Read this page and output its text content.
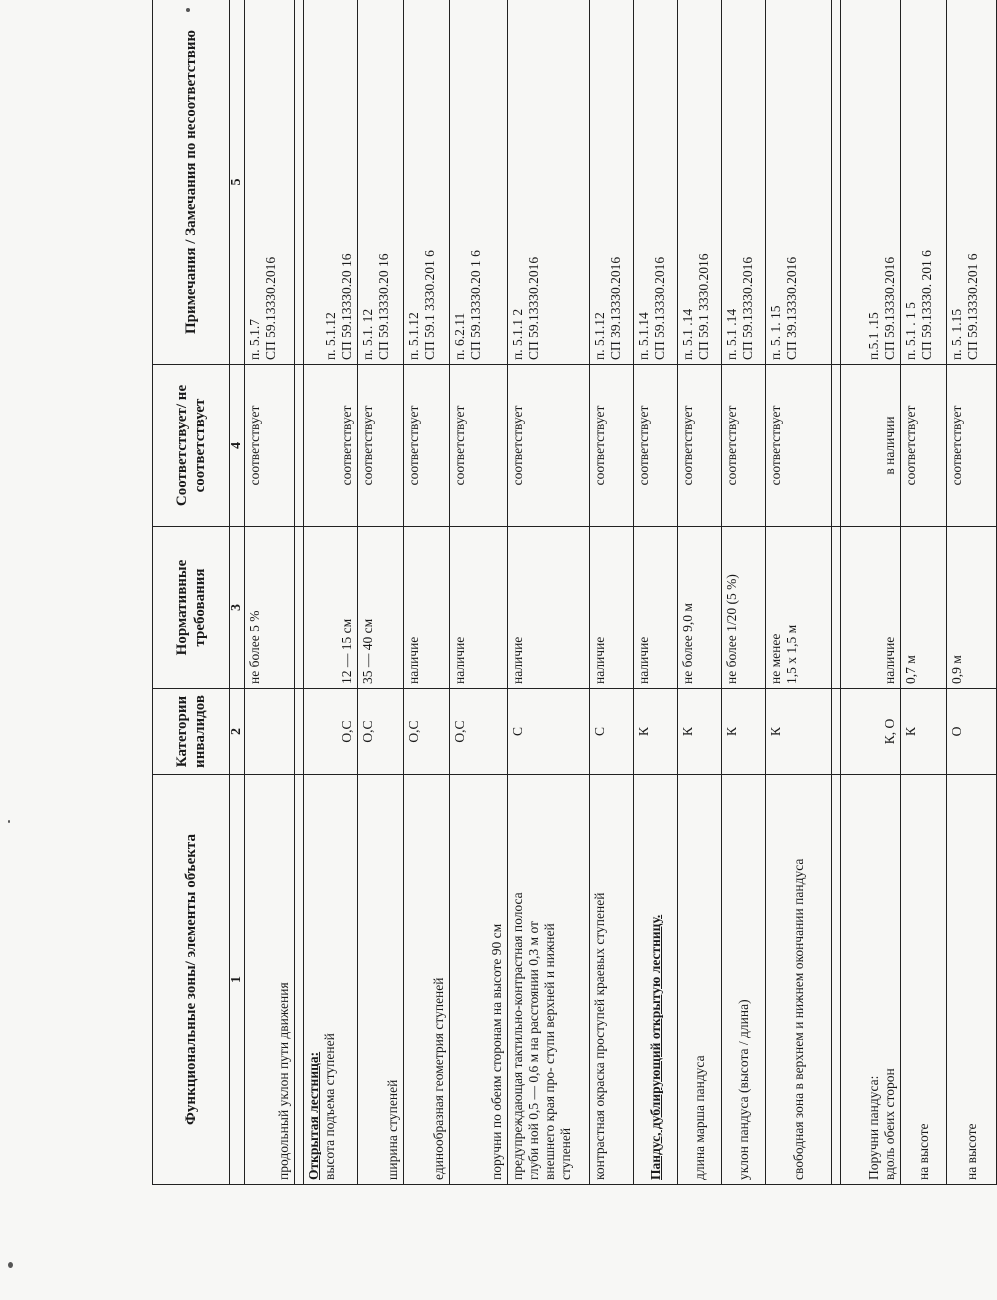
Функциональные зоны/ элементы объекта	Категории инвалидов	Нормативные требования	Соответствует/ не соответствует	Примечания / Замечания по несоответствию
1	2	3	4	5
продольный уклон пути движения		не более 5 %	соответствует	п. 5.1.7 СП 59.13330.2016

Открытая лестница: высота подъема ступеней	О,С	12 — 15 см	соответствует	п. 5.1.12 СП 59.13330.20 16

ширина ступеней	О,С	35 — 40 см	соответствует	п. 5.1. 12 СП 59.13330.20 16

единообразная геометрия ступеней	О,С	наличие	соответствует	п. 5.1.12 СП 59.1 3330.201 6

поручни по обеим сторонам на высоте 90 см	О,С	наличие	соответствует	п. 6.2.11 СП 59.13330.20 1 6

предупреждающая тактильно-контрастная полоса глуби ной 0,5 — 0,6 м на расстоянии 0,3 м от внешнего края про- ступи верхней и нижней ступеней	С	наличие	соответствует	п. 5.1.1 2 СП 59.13330.2016

контрастная окраска проступей краевых ступеней	С	наличие	соответствует	п. 5.1.12 СП 39.13330.2016

Пандус, дублирующий открытую лестницу.	К	наличие	соответствует	п. 5.1.14 СП 59.13330.2016

длина марша пандуса	К	не более 9,0 м	соответствует	п. 5.1 .14 СП 59.1 3330.2016

уклон пандуса (высота / длина)	К	не более 1/20 (5 %)	соответствует	п. 5.1 .14 СП 59.13330.2016

свободная зона в верхнем и нижнем окончании пандуса	К	не менее 1,5 х 1,5 м	соответствует	п. 5. 1. 15 СП 39.13330.2016

Поручни пандуса: вдоль обеих сторон	К, О	наличие	в наличии	п.5.1 .15 СП 59.13330.2016

на высоте	К	0,7 м	соответствует	п. 5.1 . 1 5 СП 59.13330. 201 6

на высоте	О	0,9 м	соответствует	п. 5. 1.15 СП 59.13330.201 6
